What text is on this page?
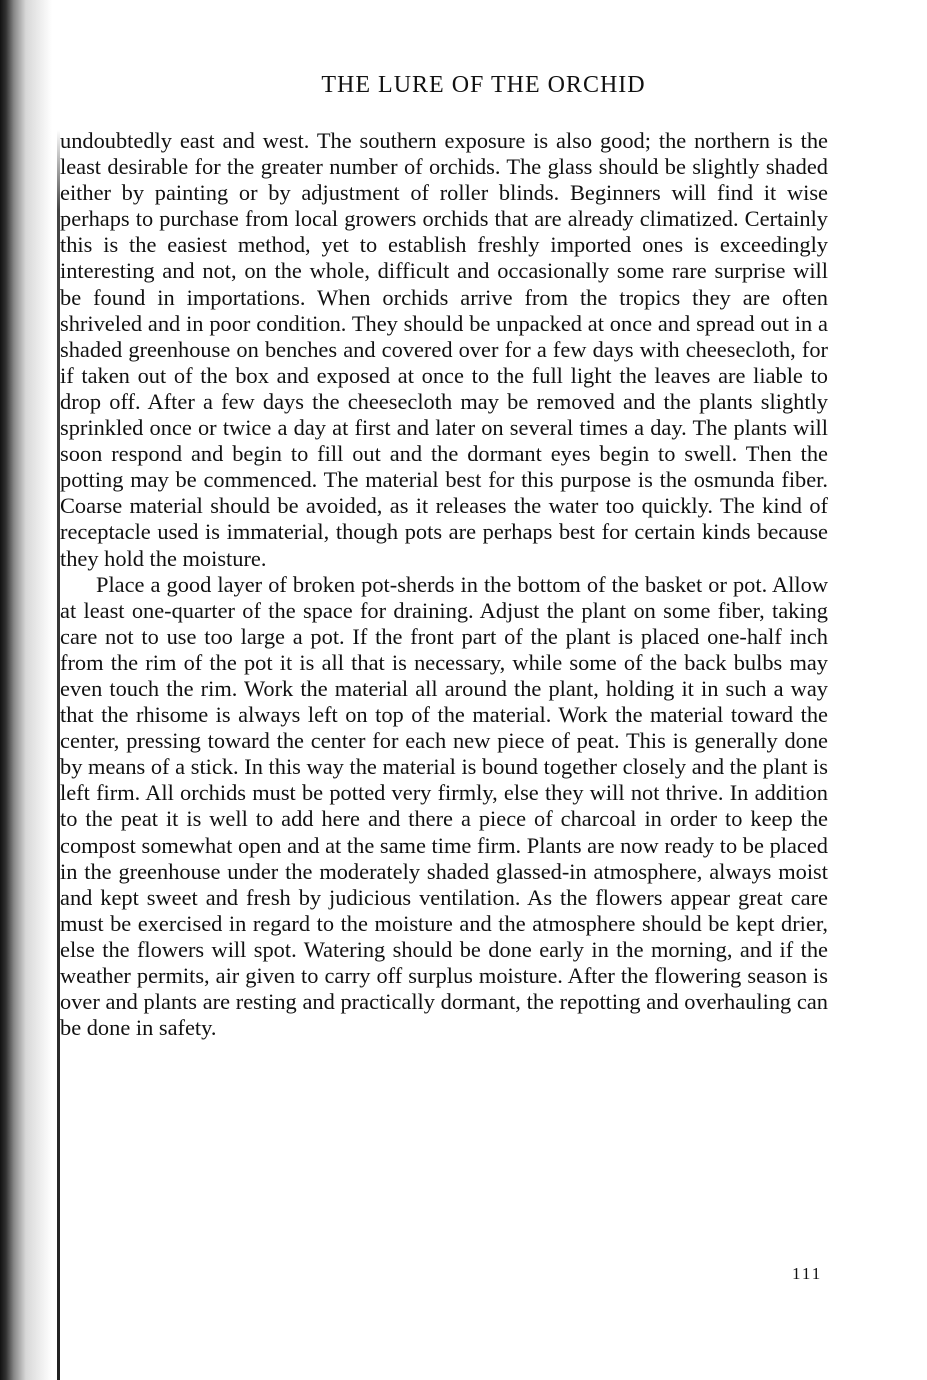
THE LURE OF THE ORCHID

undoubtedly east and west. The southern exposure is also good; the northern is the least desirable for the greater number of orchids. The glass should be slightly shaded either by painting or by adjustment of roller blinds. Beginners will find it wise perhaps to purchase from local growers orchids that are already climatized. Certainly this is the easiest method, yet to establish freshly imported ones is exceedingly interesting and not, on the whole, difficult and occasionally some rare surprise will be found in importations. When orchids arrive from the tropics they are often shriveled and in poor condition. They should be unpacked at once and spread out in a shaded greenhouse on benches and covered over for a few days with cheesecloth, for if taken out of the box and exposed at once to the full light the leaves are liable to drop off. After a few days the cheesecloth may be removed and the plants slightly sprinkled once or twice a day at first and later on several times a day. The plants will soon respond and begin to fill out and the dormant eyes begin to swell. Then the potting may be commenced. The material best for this purpose is the osmunda fiber. Coarse material should be avoided, as it releases the water too quickly. The kind of receptacle used is immaterial, though pots are perhaps best for certain kinds because they hold the moisture.

Place a good layer of broken pot-sherds in the bottom of the basket or pot. Allow at least one-quarter of the space for draining. Adjust the plant on some fiber, taking care not to use too large a pot. If the front part of the plant is placed one-half inch from the rim of the pot it is all that is necessary, while some of the back bulbs may even touch the rim. Work the material all around the plant, holding it in such a way that the rhisome is always left on top of the material. Work the material toward the center, pressing toward the center for each new piece of peat. This is generally done by means of a stick. In this way the material is bound together closely and the plant is left firm. All orchids must be potted very firmly, else they will not thrive. In addition to the peat it is well to add here and there a piece of charcoal in order to keep the compost somewhat open and at the same time firm. Plants are now ready to be placed in the greenhouse under the moderately shaded glassed-in atmosphere, always moist and kept sweet and fresh by judicious ventilation. As the flowers appear great care must be exercised in regard to the moisture and the atmosphere should be kept drier, else the flowers will spot. Watering should be done early in the morning, and if the weather permits, air given to carry off surplus moisture. After the flowering season is over and plants are resting and practically dormant, the repotting and overhauling can be done in safety.

111
